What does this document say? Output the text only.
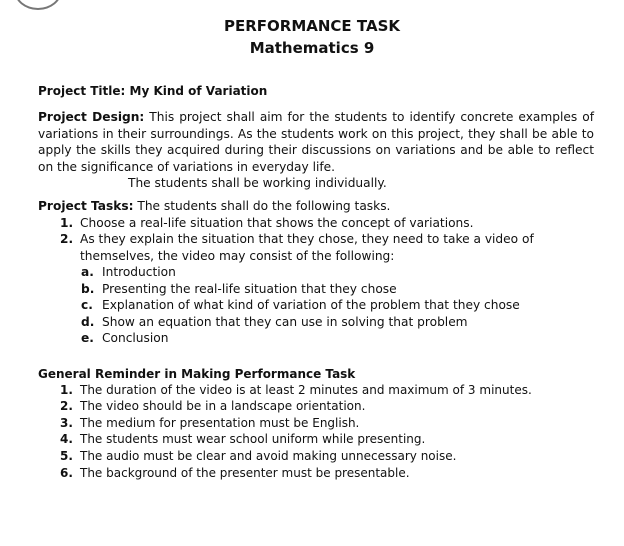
PERFORMANCE TASK
Mathematics 9

Project Title: My Kind of Variation

Project Design: This project shall aim for the students to identify concrete examples of variations in their surroundings. As the students work on this project, they shall be able to apply the skills they acquired during their discussions on variations and be able to reflect on the significance of variations in everyday life.

The students shall be working individually.

Project Tasks: The students shall do the following tasks.

1. Choose a real-life situation that shows the concept of variations.
2. As they explain the situation that they chose, they need to take a video of themselves, the video may consist of the following:
a. Introduction
b. Presenting the real-life situation that they chose
c. Explanation of what kind of variation of the problem that they chose
d. Show an equation that they can use in solving that problem
e. Conclusion

General Reminder in Making Performance Task

1. The duration of the video is at least 2 minutes and maximum of 3 minutes.
2. The video should be in a landscape orientation.
3. The medium for presentation must be English.
4. The students must wear school uniform while presenting.
5. The audio must be clear and avoid making unnecessary noise.
6. The background of the presenter must be presentable.
